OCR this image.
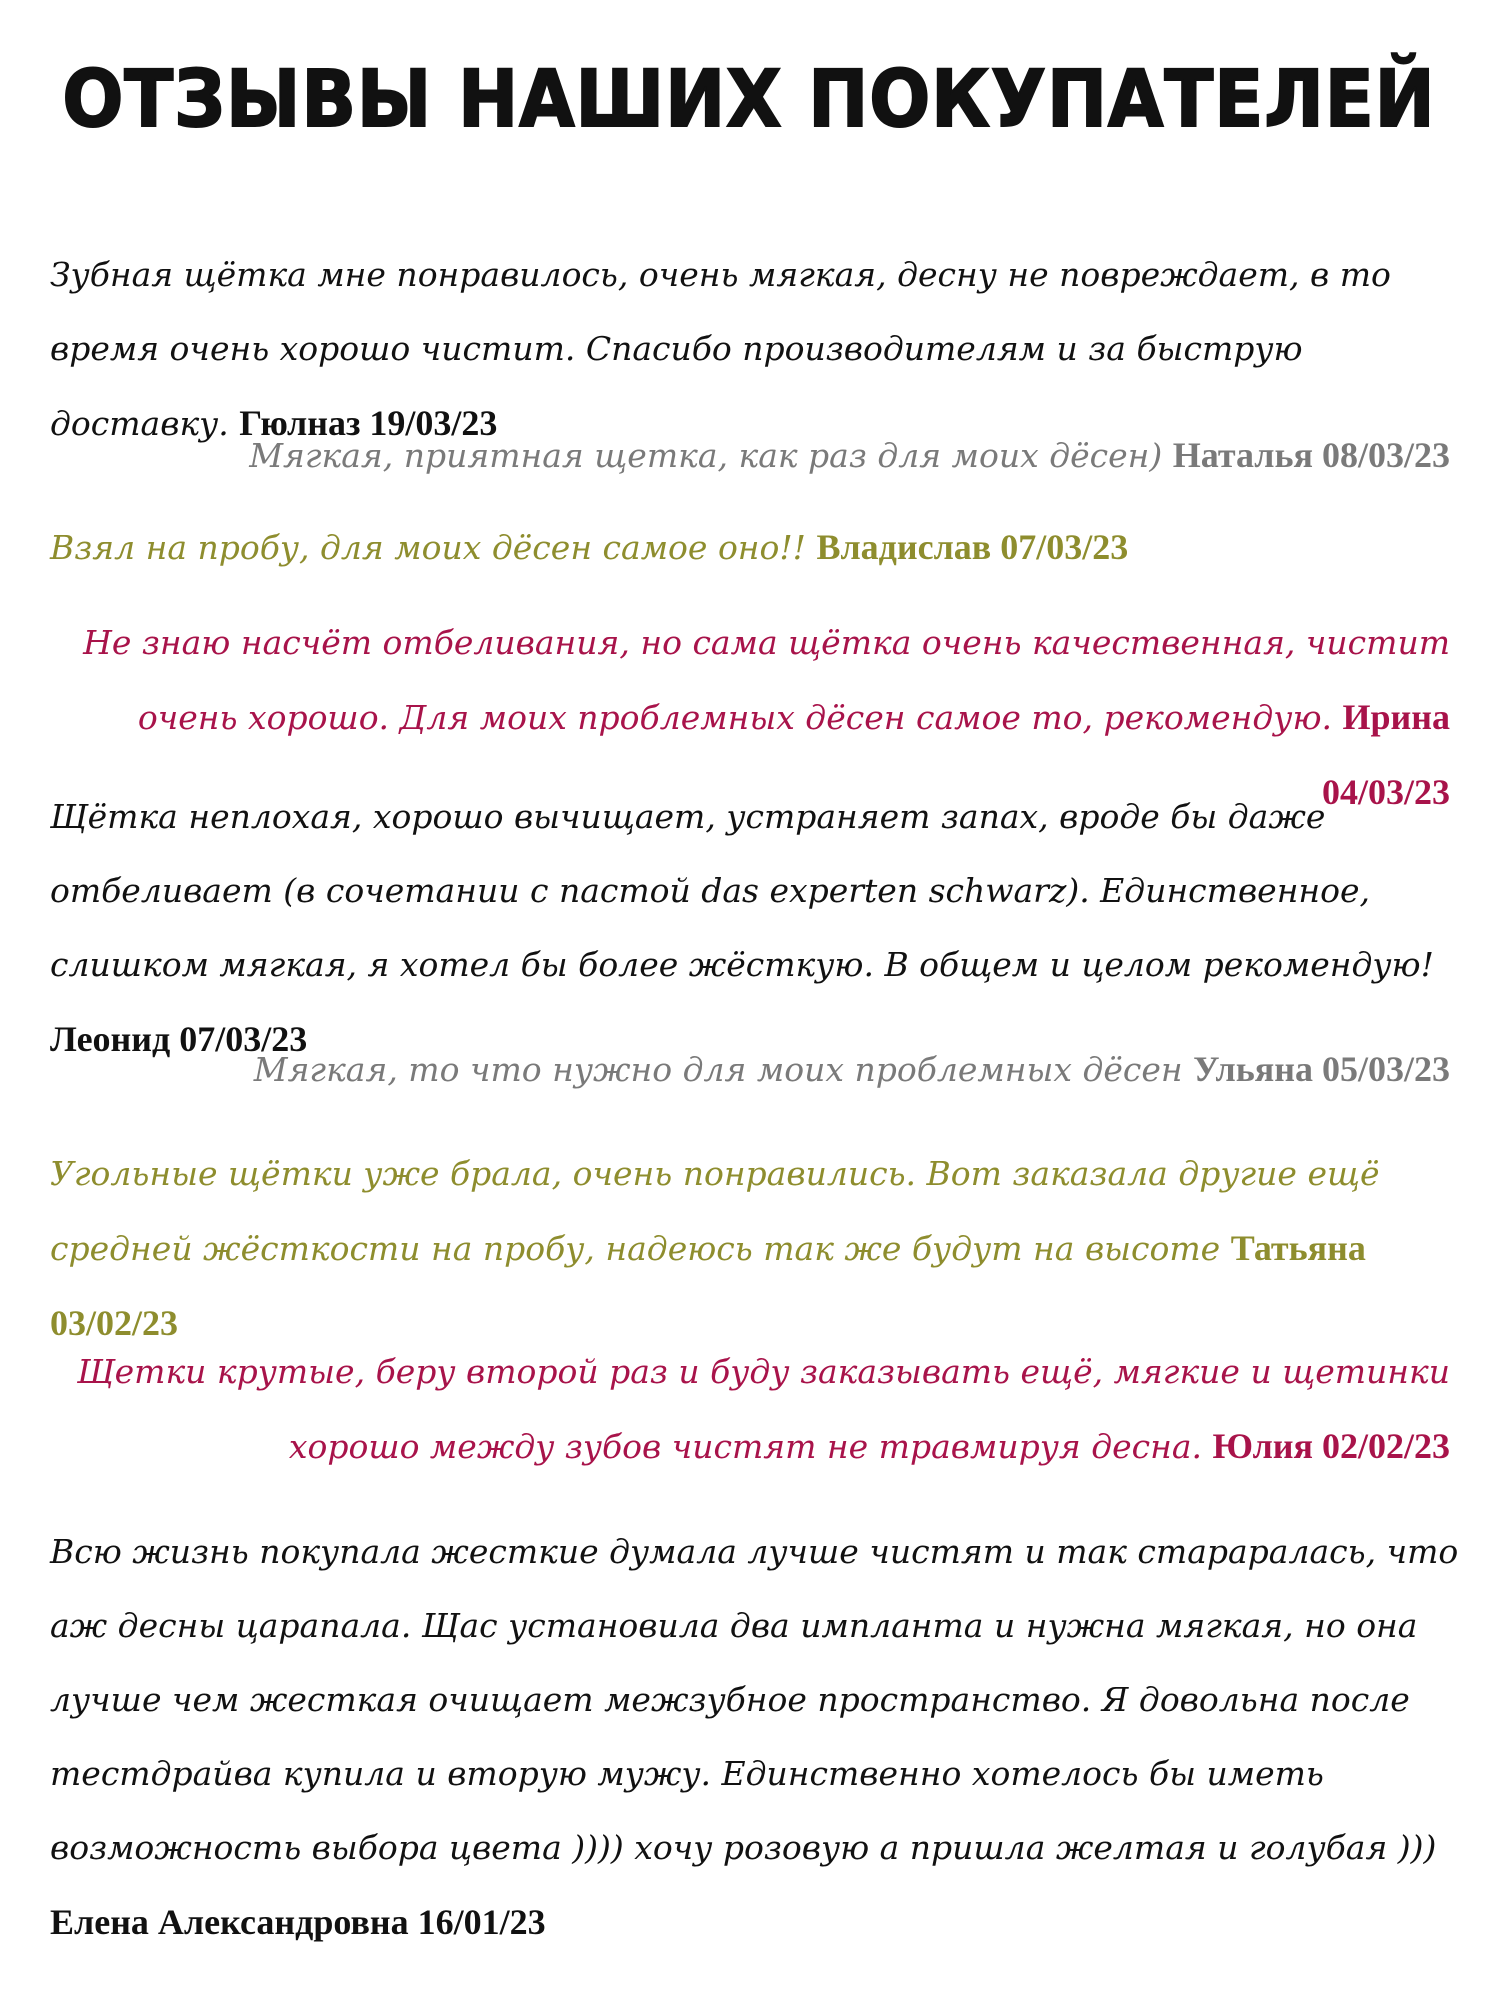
ОТЗЫВЫ НАШИХ ПОКУПАТЕЛЕЙ

Зубная щётка мне понравилось, очень мягкая, десну не повреждает, в то время очень хорошо чистит. Спасибо производителям и за быструю доставку. Гюлназ 19/03/23

Мягкая, приятная щетка, как раз для моих дёсен) Наталья 08/03/23

Взял на пробу, для моих дёсен самое оно!! Владислав 07/03/23

Не знаю насчёт отбеливания, но сама щётка очень качественная, чистит очень хорошо. Для моих проблемных дёсен самое то, рекомендую. Ирина 04/03/23

Щётка неплохая, хорошо вычищает, устраняет запах, вроде бы даже отбеливает (в сочетании с пастой das experten schwarz). Единственное, слишком мягкая, я хотел бы более жёсткую. В общем и целом рекомендую! Леонид 07/03/23

Мягкая, то что нужно для моих проблемных дёсен Ульяна 05/03/23

Угольные щётки уже брала, очень понравились. Вот заказала другие ещё средней жёсткости на пробу, надеюсь так же будут на высоте Татьяна 03/02/23

Щетки крутые, беру второй раз и буду заказывать ещё, мягкие и щетинки хорошо между зубов чистят не травмируя десна. Юлия 02/02/23

Всю жизнь покупала жесткие думала лучше чистят и так стараралась, что аж десны царапала. Щас установила два импланта и нужна мягкая, но она лучше чем жесткая очищает межзубное пространство. Я довольна после тестдрайва купила и вторую мужу. Единственно хотелось бы иметь возможность выбора цвета )))) хочу розовую а пришла желтая и голубая ))) Елена Александровна 16/01/23
